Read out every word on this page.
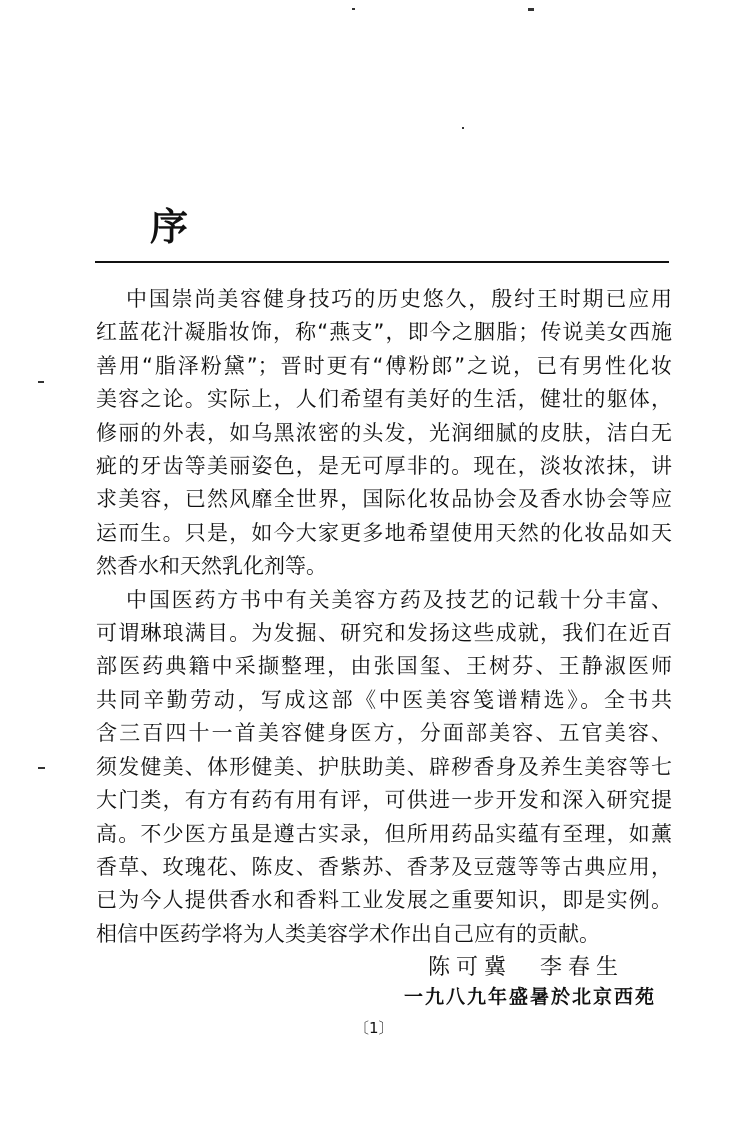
序
中国崇尚美容健身技巧的历史悠久，殷纣王时期已应用
红蓝花汁凝脂妆饰，称“燕支”，即今之胭脂；传说美女西施
善用“脂泽粉黛”；晋时更有“傅粉郎”之说，已有男性化妆
美容之论。实际上，人们希望有美好的生活，健壮的躯体，
修丽的外表，如乌黑浓密的头发，光润细腻的皮肤，洁白无
疵的牙齿等美丽姿色，是无可厚非的。现在，淡妆浓抹，讲
求美容，已然风靡全世界，国际化妆品协会及香水协会等应
运而生。只是，如今大家更多地希望使用天然的化妆品如天
然香水和天然乳化剂等。
中国医药方书中有关美容方药及技艺的记载十分丰富、
可谓琳琅满目。为发掘、研究和发扬这些成就，我们在近百
部医药典籍中采撷整理，由张国玺、王树芬、王静淑医师
共同辛勤劳动，写成这部《中医美容笺谱精选》。全书共
含三百四十一首美容健身医方，分面部美容、五官美容、
须发健美、体形健美、护肤助美、辟秽香身及养生美容等七
大门类，有方有药有用有评，可供进一步开发和深入研究提
高。不少医方虽是遵古实录，但所用药品实蕴有至理，如薰
香草、玫瑰花、陈皮、香紫苏、香茅及豆蔻等等古典应用，
已为今人提供香水和香料工业发展之重要知识，即是实例。
相信中医药学将为人类美容学术作出自己应有的贡献。
陈可冀　李春生
一九八九年盛暑於北京西苑
〔1〕
